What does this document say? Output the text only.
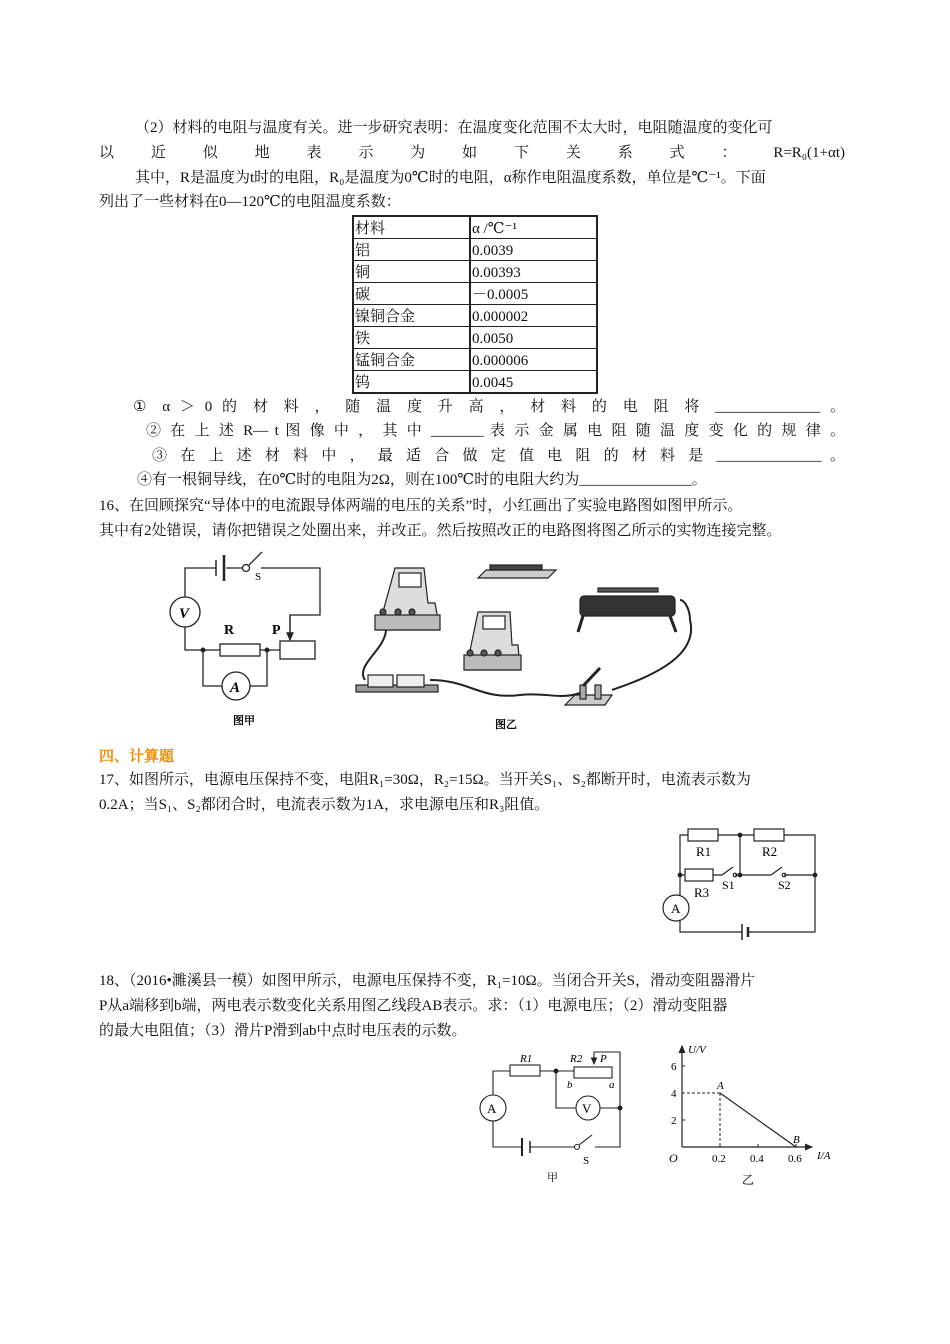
（2）材料的电阻与温度有关。进一步研究表明：在温度变化范围不太大时，电阻随温度的变化可
以 近 似 地 表 示 为 如 下 关 系 式 ： R=R₀(1+αt)
其中，R是温度为t时的电阻，R₀是温度为0℃时的电阻，α称作电阻温度系数，单位是℃⁻¹。下面
列出了一些材料在0—120℃的电阻温度系数：
材料	α /℃⁻¹
铝	0.0039
铜	0.00393
碳	－0.0005
镍铜合金	0.000002
铁	0.0050
锰铜合金	0.000006
钨	0.0045
① α ＞ 0 的 材 料 ， 随 温 度 升 高 ， 材 料 的 电 阻 将 ______________ 。
② 在 上 述 R— t 图 像 中 ， 其 中 _______ 表 示 金 属 电 阻 随 温 度 变 化 的 规 律 。
③ 在 上 述 材 料 中 ， 最 适 合 做 定 值 电 阻 的 材 料 是 ______________ 。
④有一根铜导线，在0℃时的电阻为2Ω，则在100℃时的电阻大约为_______________。
16、在回顾探究“导体中的电流跟导体两端的电压的关系”时，小红画出了实验电路图如图甲所示。
其中有2处错误，请你把错误之处圈出来，并改正。然后按照改正的电路图将图乙所示的实物连接完整。
四、计算题
17、如图所示，电源电压保持不变，电阻R₁=30Ω，R₂=15Ω。当开关S₁、S₂都断开时，电流表示数为
0.2A；当S₁、S₂都闭合时，电流表示数为1A，求电源电压和R₃阻值。
18、（2016•濉溪县一模）如图甲所示，电源电压保持不变，R₁=10Ω。当闭合开关S，滑动变阻器滑片
P从a端移到b端，两电表示数变化关系用图乙线段AB表示。求：（1）电源电压；（2）滑动变阻器
的最大电阻值；（3）滑片P滑到ab中点时电压表的示数。
S
V
R	P
A
图甲	图乙
R1	R2
R3 S1	S2
A
R1	R2 P
b	a
V
A
S
甲
U/V
I/A
O
乙
0.2 0.4 0.6
2
4
6
A
B
